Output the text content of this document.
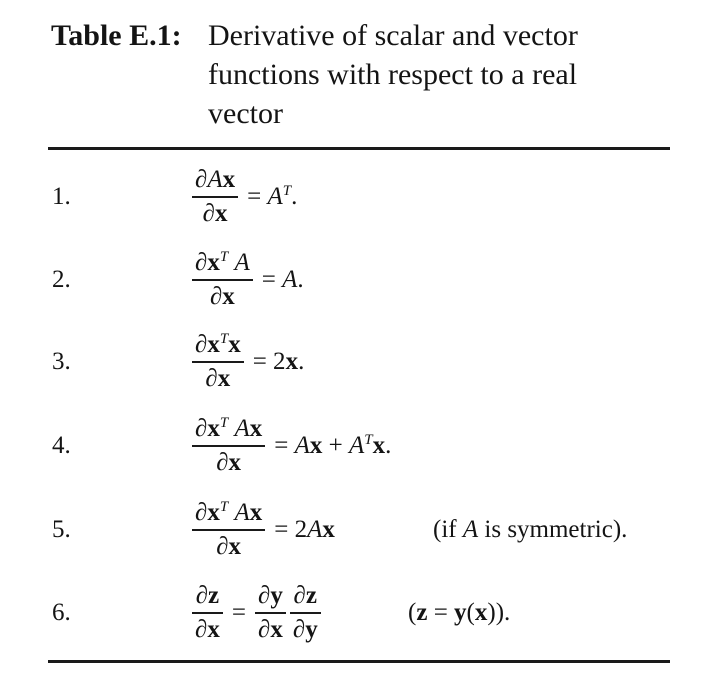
Table E.1: Derivative of scalar and vector
functions with respect to a real
vector
1.	$\frac{\partial Ax}{\partial x} = A^T$.
2.	$\frac{\partial x^T A}{\partial x} = A$.
3.	$\frac{\partial x^Tx}{\partial x} = 2x$.
4.	$\frac{\partial x^T Ax}{\partial x} = Ax + A^Tx$.
5.	$\frac{\partial x^T Ax}{\partial x} = 2Ax$	(if A is symmetric).
6.	$\frac{\partial z}{\partial x} = \frac{\partial y}{\partial x} \frac{\partial z}{\partial y}$	(z = y(x)).
